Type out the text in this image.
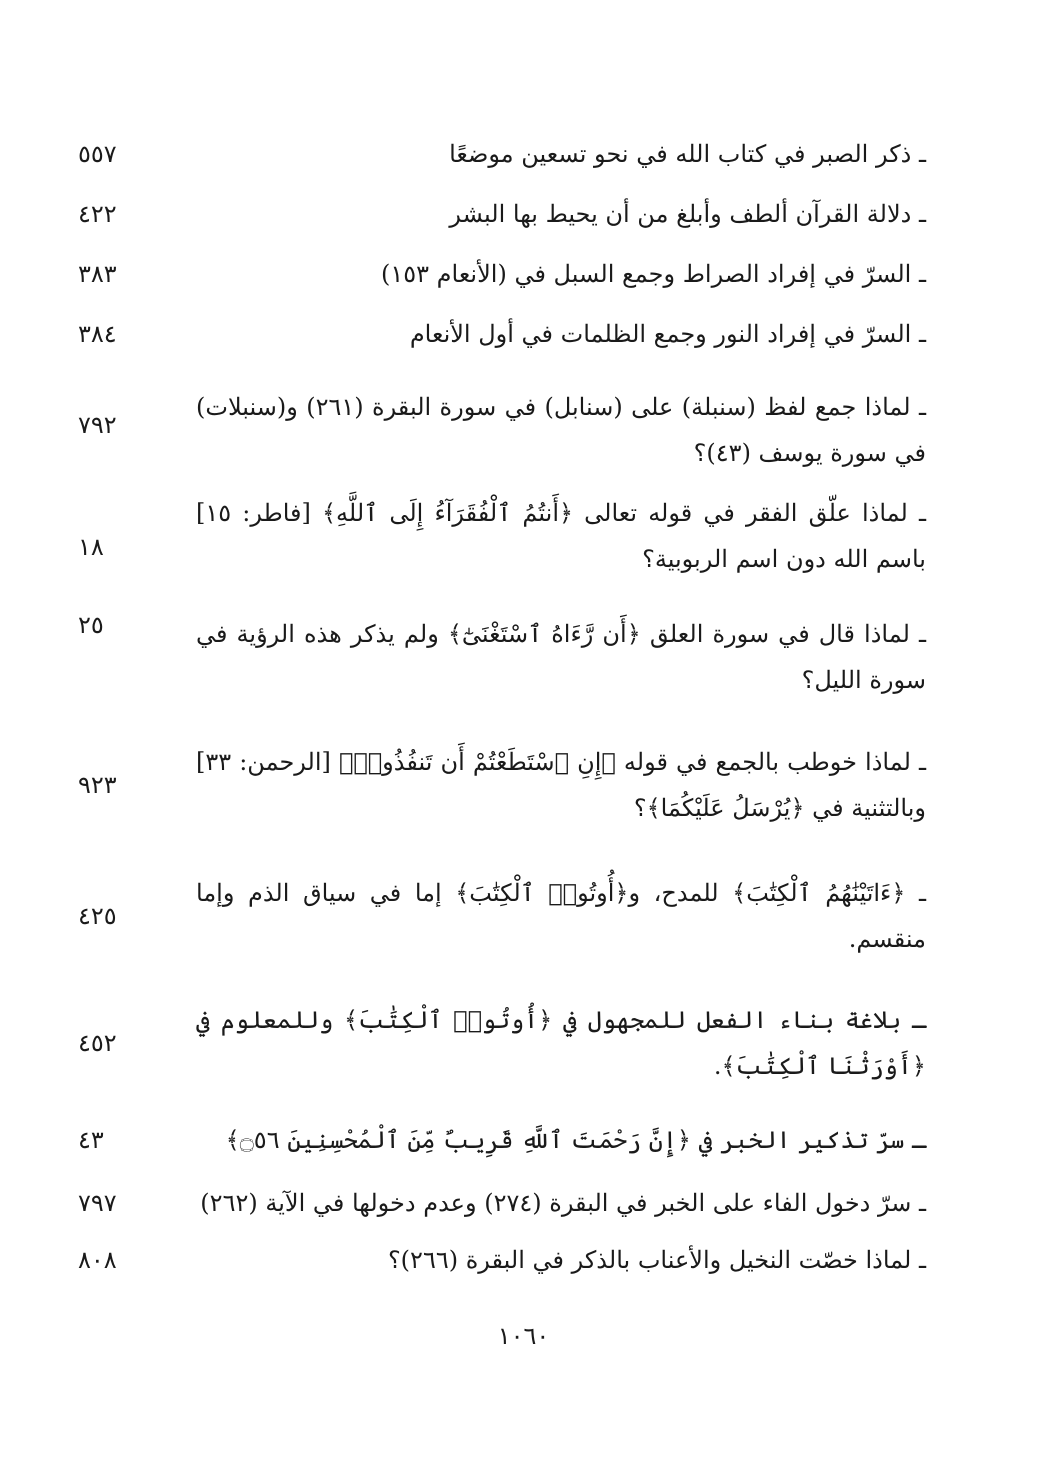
ـ ذكر الصبر في كتاب الله في نحو تسعين موضعًا
٥٥٧
ـ دلالة القرآن ألطف وأبلغ من أن يحيط بها البشر
٤٢٢
ـ السرّ في إفراد الصراط وجمع السبل في (الأنعام ١٥٣)
٣٨٣
ـ السرّ في إفراد النور وجمع الظلمات في أول الأنعام
٣٨٤
ـ لماذا جمع لفظ (سنبلة) على (سنابل) في سورة البقرة (٢٦١) و(سنبلات) في سورة يوسف (٤٣)؟
٧٩٢
ـ لماذا علّق الفقر في قوله تعالى ﴿أَنتُمُ ٱلْفُقَرَآءُ إِلَى ٱللَّهِ﴾ [فاطر: ١٥] باسم الله دون اسم الربوبية؟
١٨
ـ لماذا قال في سورة العلق ﴿أَن رَّءَاهُ ٱسْتَغْنَىٰٓ﴾ ولم يذكر هذه الرؤية في سورة الليل؟
٢٥
ـ لماذا خوطب بالجمع في قوله ﴿إِنِ ٱسْتَطَعْتُمْ أَن تَنفُذُوا۟﴾ [الرحمن: ٣٣] وبالتثنية في ﴿يُرْسَلُ عَلَيْكُمَا﴾؟
٩٢٣
ـ ﴿ءَاتَيْنَٰهُمُ ٱلْكِتَٰبَ﴾ للمدح، و﴿أُوتُوا۟ ٱلْكِتَٰبَ﴾ إما في سياق الذم وإما منقسم.
٤٢٥
ـ بلاغة بناء الفعل للمجهول في ﴿أُوتُوا۟ ٱلْكِتَٰبَ﴾ وللمعلوم في ﴿أَوْرَثْنَا ٱلْكِتَٰبَ﴾.
٤٥٢
ـ سرّ تذكير الخبر في ﴿إِنَّ رَحْمَتَ ٱللَّهِ قَرِيبٌ مِّنَ ٱلْمُحْسِنِينَ ۝٥٦﴾
٤٣
ـ سرّ دخول الفاء على الخبر في البقرة (٢٧٤) وعدم دخولها في الآية (٢٦٢)
٧٩٧
ـ لماذا خصّت النخيل والأعناب بالذكر في البقرة (٢٦٦)؟
٨٠٨
١٠٦٠
